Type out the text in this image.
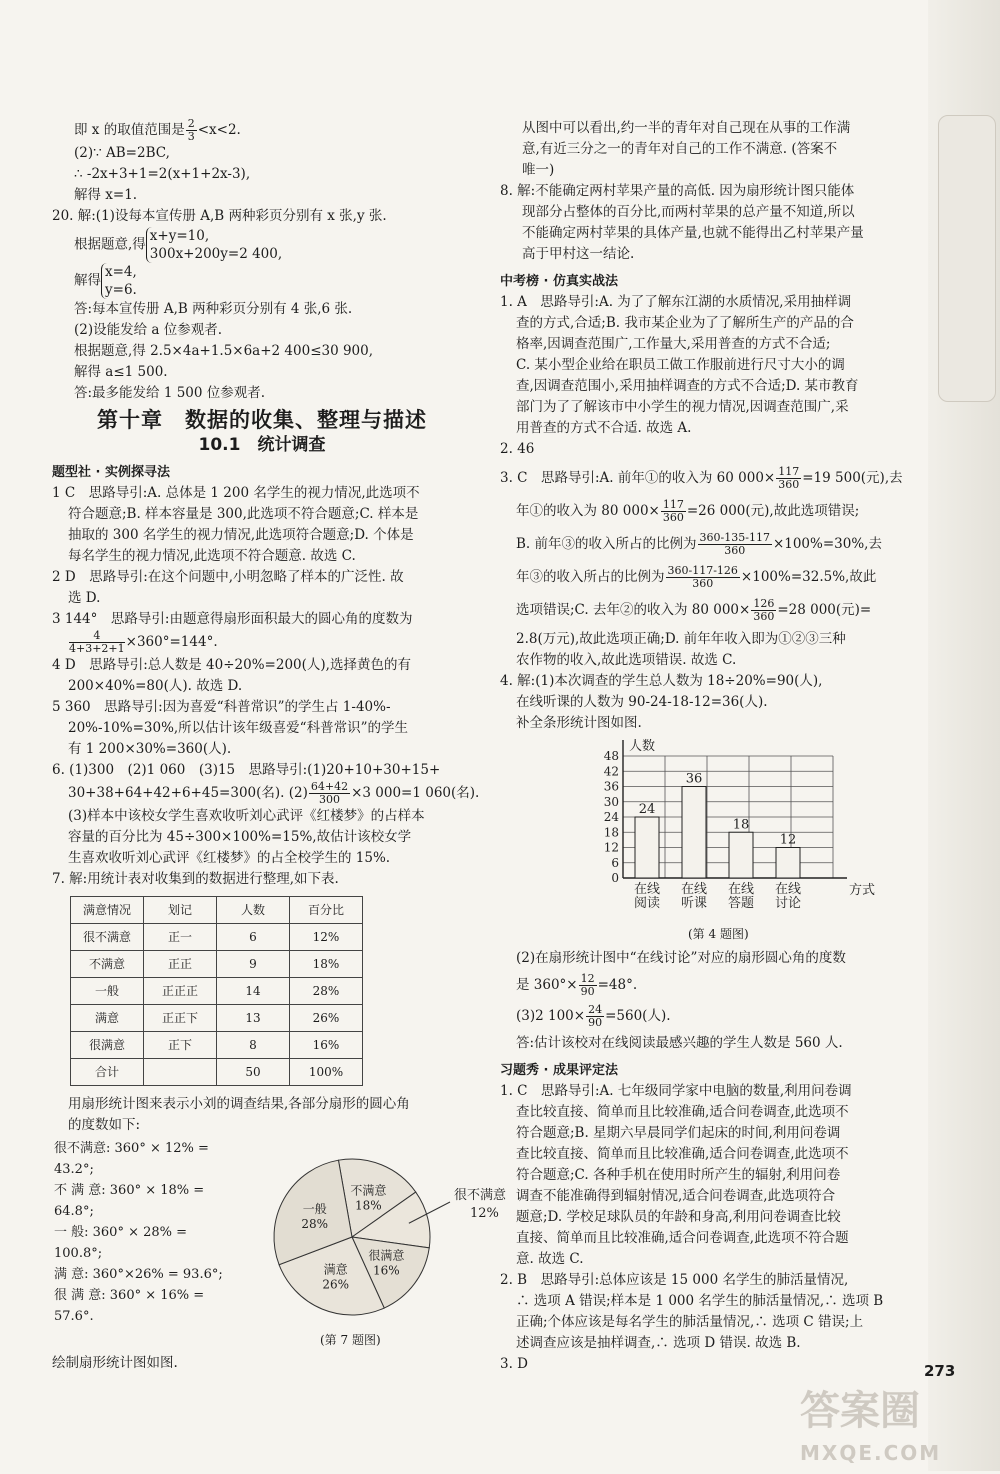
即 x 的取值范围是 $\frac{2}{3} <x<2$.
(2)∵ AB=2BC,
∴ -2x+3+1=2(x+1+2x-3),
解得 x=1.
20. 解:(1)设每本宣传册 A,B 两种彩页分别有 x 张,y 张.
根据题意,得x+y=10,
300x+200y=2 400,
解得x=4,
y=6.
答:每本宣传册 A,B 两种彩页分别有 4 张,6 张.
(2)设能发给 a 位参观者.
根据题意,得 2.5×4a+1.5×6a+2 400≤30 900,
解得 a≤1 500.
答:最多能发给 1 500 位参观者.
第十章　数据的收集、整理与描述
10.1　统计调查
题型社 · 实例探寻法
1 C　思路导引:A. 总体是 1 200 名学生的视力情况,此选项不
符合题意;B. 样本容量是 300,此选项不符合题意;C. 样本是
抽取的 300 名学生的视力情况,此选项符合题意;D. 个体是
每名学生的视力情况,此选项不符合题意. 故选 C.
2 D　思路导引:在这个问题中,小明忽略了样本的广泛性. 故
选 D.
3 144°　思路导引:由题意得扇形面积最大的圆心角的度数为
$\frac{4}{4+3+2+1} \times 360^\circ=144^\circ$.
4 D　思路导引:总人数是 40÷20%=200(人),选择黄色的有
200×40%=80(人). 故选 D.
5 360　思路导引:因为喜爱“科普常识”的学生占 1-40%-
20%-10%=30%,所以估计该年级喜爱“科普常识”的学生
有 1 200×30%=360(人).
6. (1)300　(2)1 060　(3)15　思路导引:(1)20+10+30+15+
30+38+64+42+6+45=300(名). $(2) \frac{64+42}{300} \times 3$ 000=1 060(名).
(3)样本中该校女学生喜欢收听刘心武评《红楼梦》的占样本
容量的百分比为 45÷300×100%=15%,故估计该校女学
生喜欢收听刘心武评《红楼梦》的占全校学生的 15%.
7. 解:用统计表对收集到的数据进行整理,如下表.
满意情况	划记	人数	百分比
很不满意	正一	6	12%
不满意	正正	9	18%
一般	正正正	14	28%
满意	正正下	13	26%
很满意	正下	8	16%
合计		50	100%
用扇形统计图来表示小刘的调查结果,各部分扇形的圆心角
的度数如下:
很不满意: 360° × 12% =
43.2°;
不 满 意: 360° × 18% =
64.8°;
一 般: 360° × 28% =
100.8°;
满 意: 360°×26% = 93.6°;
很 满 意: 360° × 16% =
57.6°.
不满意
18%
很不满意
12%
很满意
16%
满意
26%
一般
28%
(第 7 题图)
绘制扇形统计图如图.
从图中可以看出,约一半的青年对自己现在从事的工作满
意,有近三分之一的青年对自己的工作不满意. (答案不
唯一)
8. 解:不能确定两村苹果产量的高低. 因为扇形统计图只能体
现部分占整体的百分比,而两村苹果的总产量不知道,所以
不能确定两村苹果的具体产量,也就不能得出乙村苹果产量
高于甲村这一结论.
中考榜 · 仿真实战法
1. A　思路导引:A. 为了了解东江湖的水质情况,采用抽样调
查的方式,合适;B. 我市某企业为了了解所生产的产品的合
格率,因调查范围广,工作量大,采用普查的方式不合适;
C. 某小型企业给在职员工做工作服前进行尺寸大小的调
查,因调查范围小,采用抽样调查的方式不合适;D. 某市教育
部门为了了解该市中小学生的视力情况,因调查范围广,采
用普查的方式不合适. 故选 A.
2. 46
3. C　思路导引:A. 前年①的收入为 60 $000\times \frac{117}{360} =19$ 500(元),去
年①的收入为 80 $000\times \frac{117}{360} =26$ 000(元),故此选项错误;
B. 前年③的收入所占的比例为 $\frac{360-135-117}{360} \times 100\%=30\%$,去
年③的收入所占的比例为 $\frac{360-117-126}{360} \times 100\%=32.5\%$,故此
选项错误;C. 去年②的收入为 80 $000\times \frac{126}{360} =28$ 000(元)=
2.8(万元),故此选项正确;D. 前年年收入即为①②③三种
农作物的收入,故此选项错误. 故选 C.
4. 解:(1)本次调查的学生总人数为 18÷20%=90(人),
在线听课的人数为 90-24-18-12=36(人).
补全条形统计图如图.
0
6
12
18
24
30
36
42
48
人数
方式
24
在线
阅读
36
在线
听课
18
在线
答题
12
在线
讨论
(第 4 题图)
(2)在扇形统计图中“在线讨论”对应的扇形圆心角的度数
是 $360^\circ\times \frac{12}{90} =48^\circ$.
(3)2 $100\times \frac{24}{90} =560$(人).
答:估计该校对在线阅读最感兴趣的学生人数是 560 人.
习题秀 · 成果评定法
1. C　思路导引:A. 七年级同学家中电脑的数量,利用问卷调
查比较直接、简单而且比较准确,适合问卷调查,此选项不
符合题意;B. 星期六早晨同学们起床的时间,利用问卷调
查比较直接、简单而且比较准确,适合问卷调查,此选项不
符合题意;C. 各种手机在使用时所产生的辐射,利用问卷
调查不能准确得到辐射情况,适合问卷调查,此选项符合
题意;D. 学校足球队员的年龄和身高,利用问卷调查比较
直接、简单而且比较准确,适合问卷调查,此选项不符合题
意. 故选 C.
2. B　思路导引:总体应该是 15 000 名学生的肺活量情况,
∴ 选项 A 错误;样本是 1 000 名学生的肺活量情况,∴ 选项 B
正确;个体应该是每名学生的肺活量情况,∴ 选项 C 错误;上
述调查应该是抽样调查,∴ 选项 D 错误. 故选 B.
3. D	273
答案圈
MXQE.COM
